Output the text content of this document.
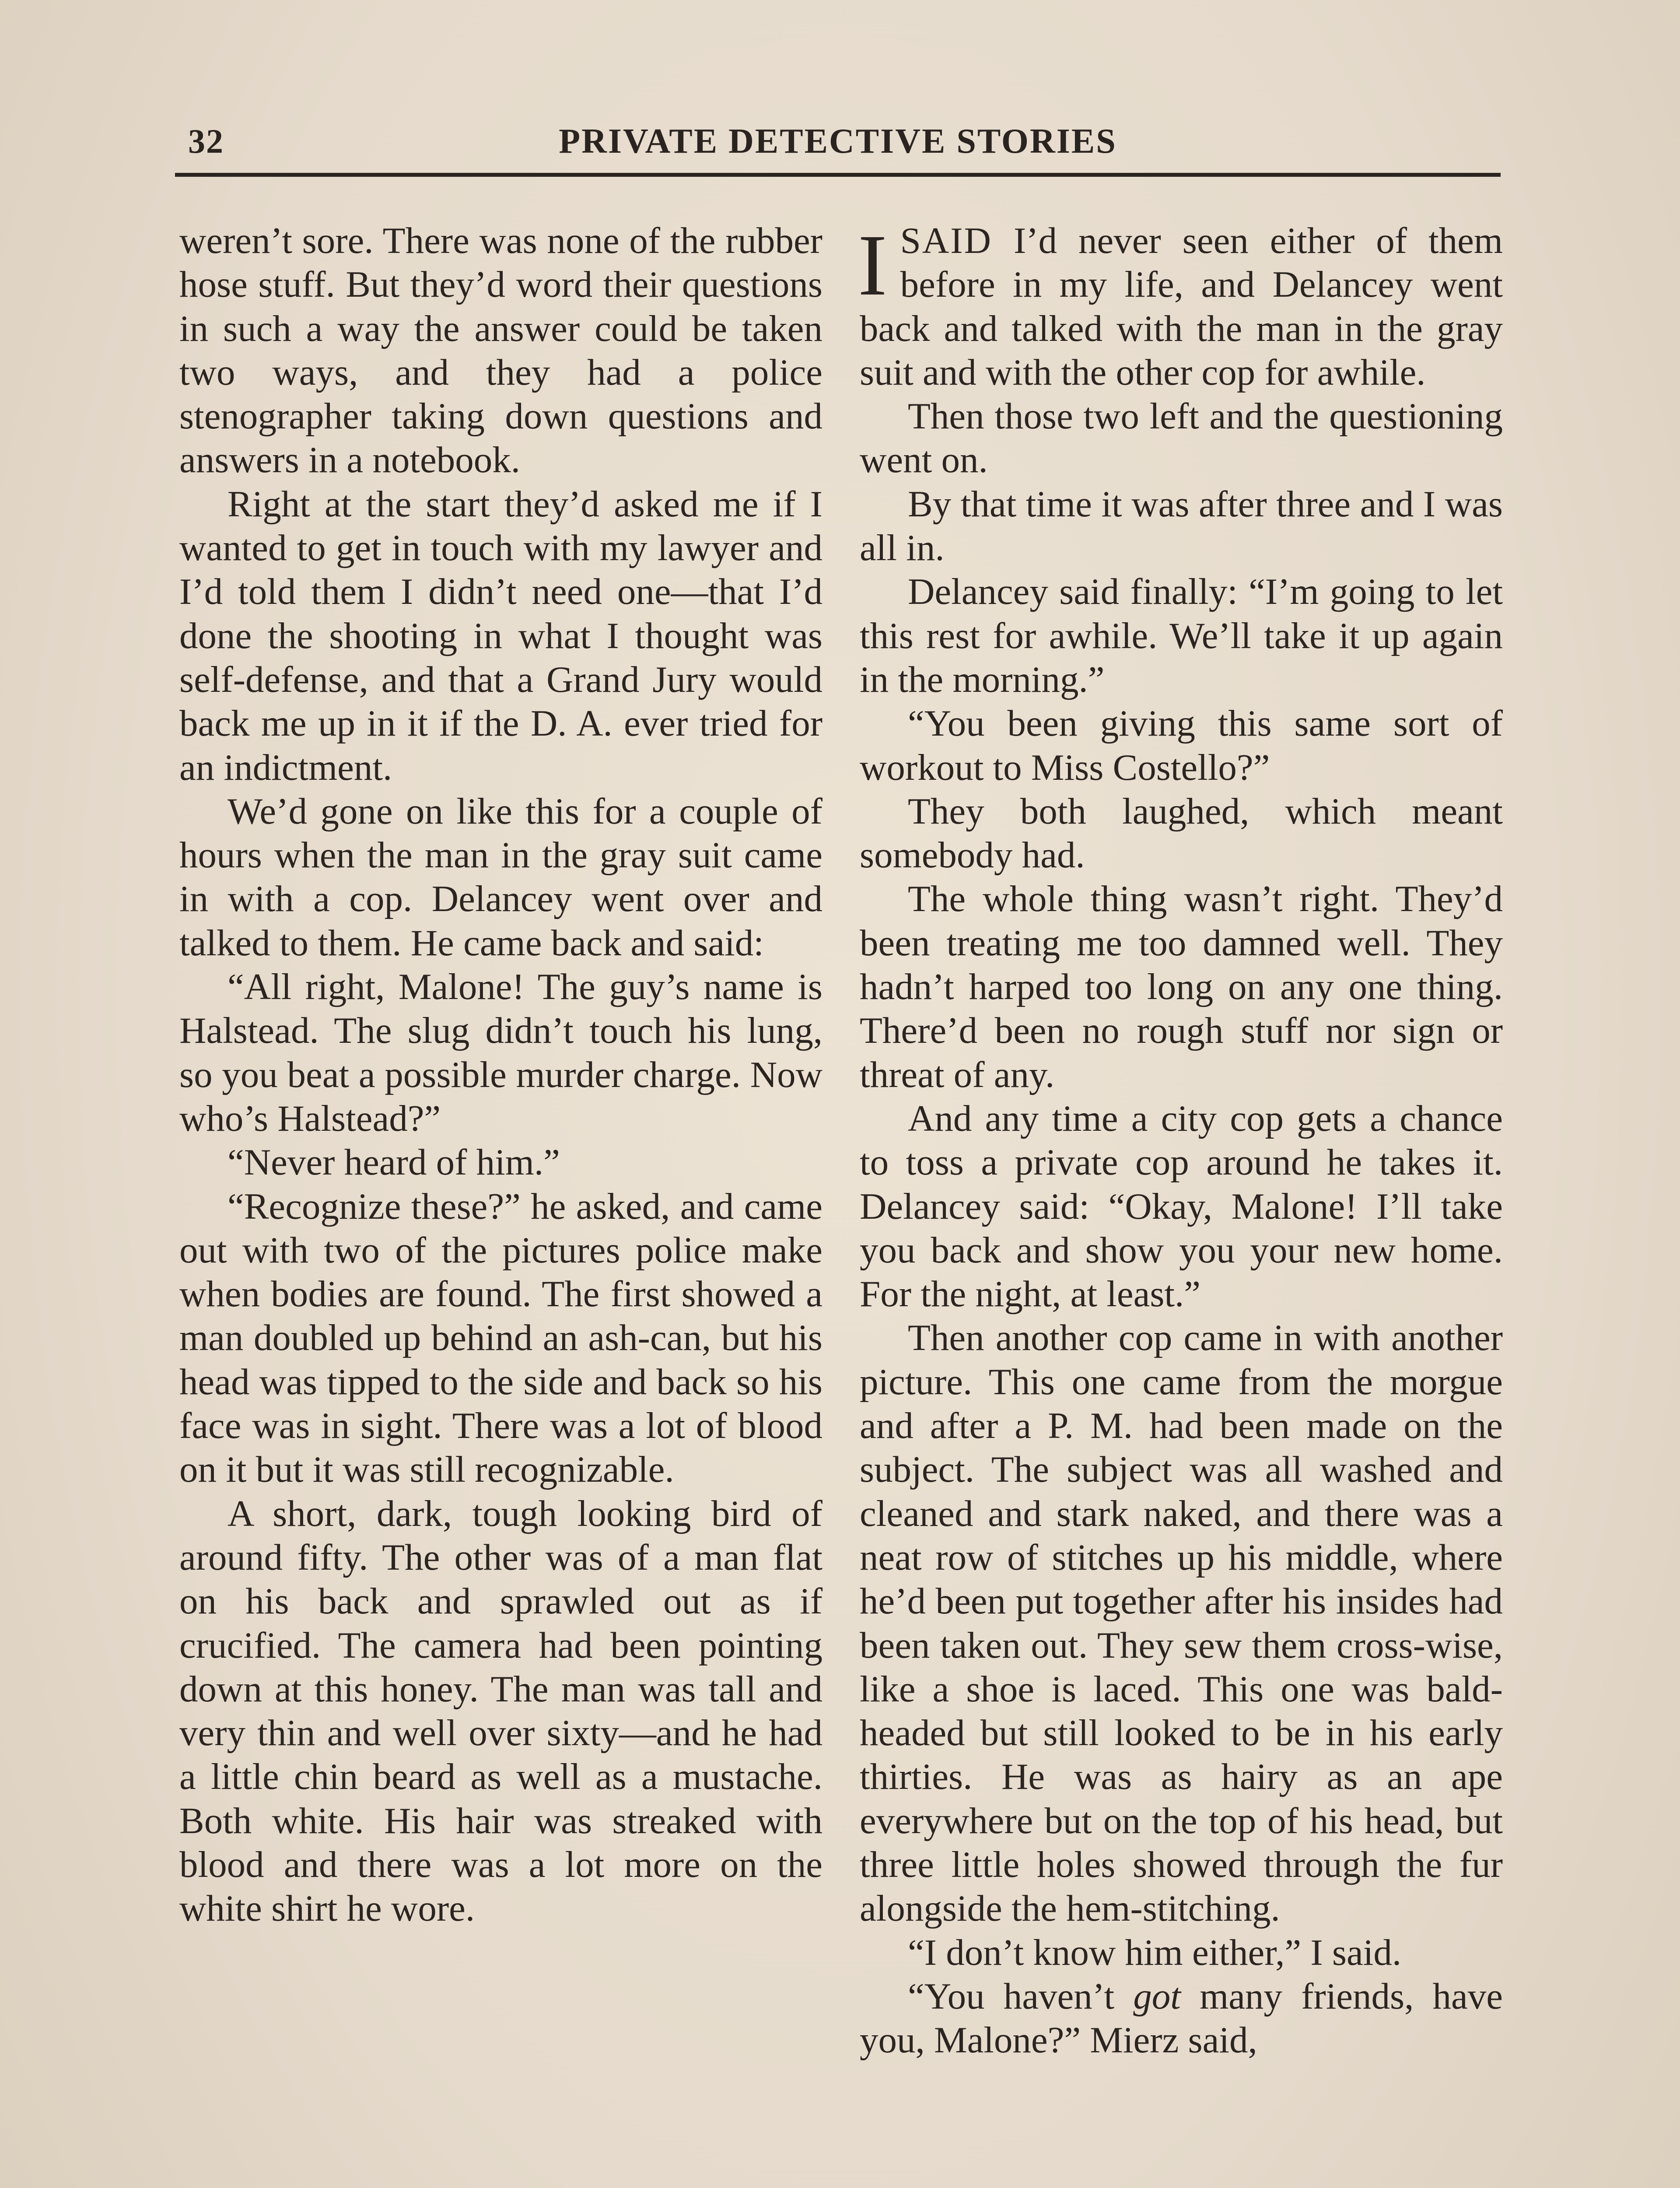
32	PRIVATE DETECTIVE STORIES

weren’t sore. There was none of the rubber hose stuff. But they’d word their questions in such a way the answer could be taken two ways, and they had a police stenographer taking down questions and answers in a notebook.

Right at the start they’d asked me if I wanted to get in touch with my lawyer and I’d told them I didn’t need one—that I’d done the shooting in what I thought was self-defense, and that a Grand Jury would back me up in it if the D. A. ever tried for an indictment.

We’d gone on like this for a couple of hours when the man in the gray suit came in with a cop. Delancey went over and talked to them. He came back and said:

“All right, Malone! The guy’s name is Halstead. The slug didn’t touch his lung, so you beat a possible murder charge. Now who’s Halstead?”

“Never heard of him.”

“Recognize these?” he asked, and came out with two of the pictures police make when bodies are found. The first showed a man doubled up behind an ash-can, but his head was tipped to the side and back so his face was in sight. There was a lot of blood on it but it was still recognizable.

A short, dark, tough looking bird of around fifty. The other was of a man flat on his back and sprawled out as if crucified. The camera had been pointing down at this honey. The man was tall and very thin and well over sixty—and he had a little chin beard as well as a mustache. Both white. His hair was streaked with blood and there was a lot more on the white shirt he wore.

ISAID I’d never seen either of them before in my life, and Delancey went back and talked with the man in the gray suit and with the other cop for awhile.

Then those two left and the questioning went on.

By that time it was after three and I was all in.

Delancey said finally: “I’m going to let this rest for awhile. We’ll take it up again in the morning.”

“You been giving this same sort of workout to Miss Costello?”

They both laughed, which meant somebody had.

The whole thing wasn’t right. They’d been treating me too damned well. They hadn’t harped too long on any one thing. There’d been no rough stuff nor sign or threat of any.

And any time a city cop gets a chance to toss a private cop around he takes it. Delancey said: “Okay, Malone! I’ll take you back and show you your new home. For the night, at least.”

Then another cop came in with another picture. This one came from the morgue and after a P. M. had been made on the subject. The subject was all washed and cleaned and stark naked, and there was a neat row of stitches up his middle, where he’d been put together after his insides had been taken out. They sew them cross-wise, like a shoe is laced. This one was bald-headed but still looked to be in his early thirties. He was as hairy as an ape everywhere but on the top of his head, but three little holes showed through the fur alongside the hem-stitching.

“I don’t know him either,” I said.

“You haven’t got many friends, have you, Malone?” Mierz said,
